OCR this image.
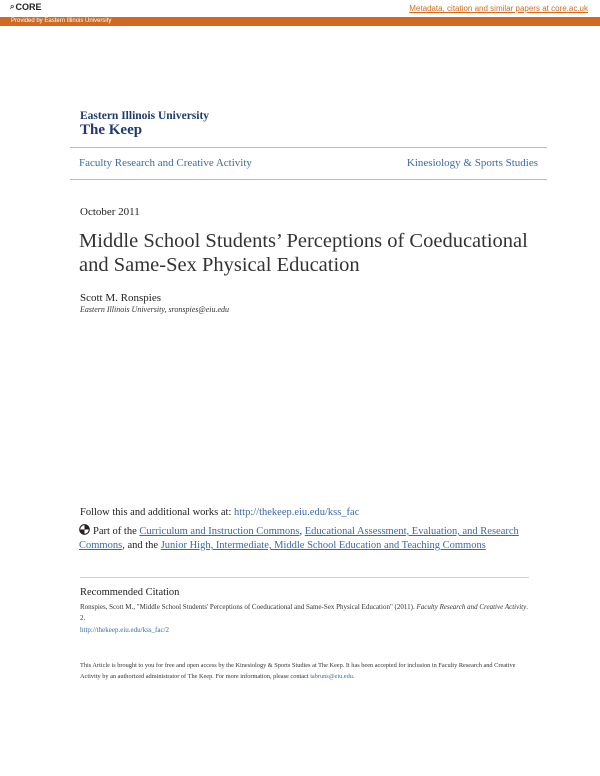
⌕ CORE	Metadata, citation and similar papers at core.ac.uk
Provided by Eastern Illinois University
Eastern Illinois University
The Keep
Faculty Research and Creative Activity	Kinesiology & Sports Studies
October 2011
Middle School Students’ Perceptions of Coeducational and Same-Sex Physical Education
Scott M. Ronspies
Eastern Illinois University, sronspies@eiu.edu
Follow this and additional works at: http://thekeep.eiu.edu/kss_fac
Part of the Curriculum and Instruction Commons, Educational Assessment, Evaluation, and Research Commons, and the Junior High, Intermediate, Middle School Education and Teaching Commons
Recommended Citation
Ronspies, Scott M., "Middle School Students' Perceptions of Coeducational and Same-Sex Physical Education" (2011). Faculty Research and Creative Activity. 2.
http://thekeep.eiu.edu/kss_fac/2
This Article is brought to you for free and open access by the Kinesiology & Sports Studies at The Keep. It has been accepted for inclusion in Faculty Research and Creative Activity by an authorized administrator of The Keep. For more information, please contact tabruns@eiu.edu.
